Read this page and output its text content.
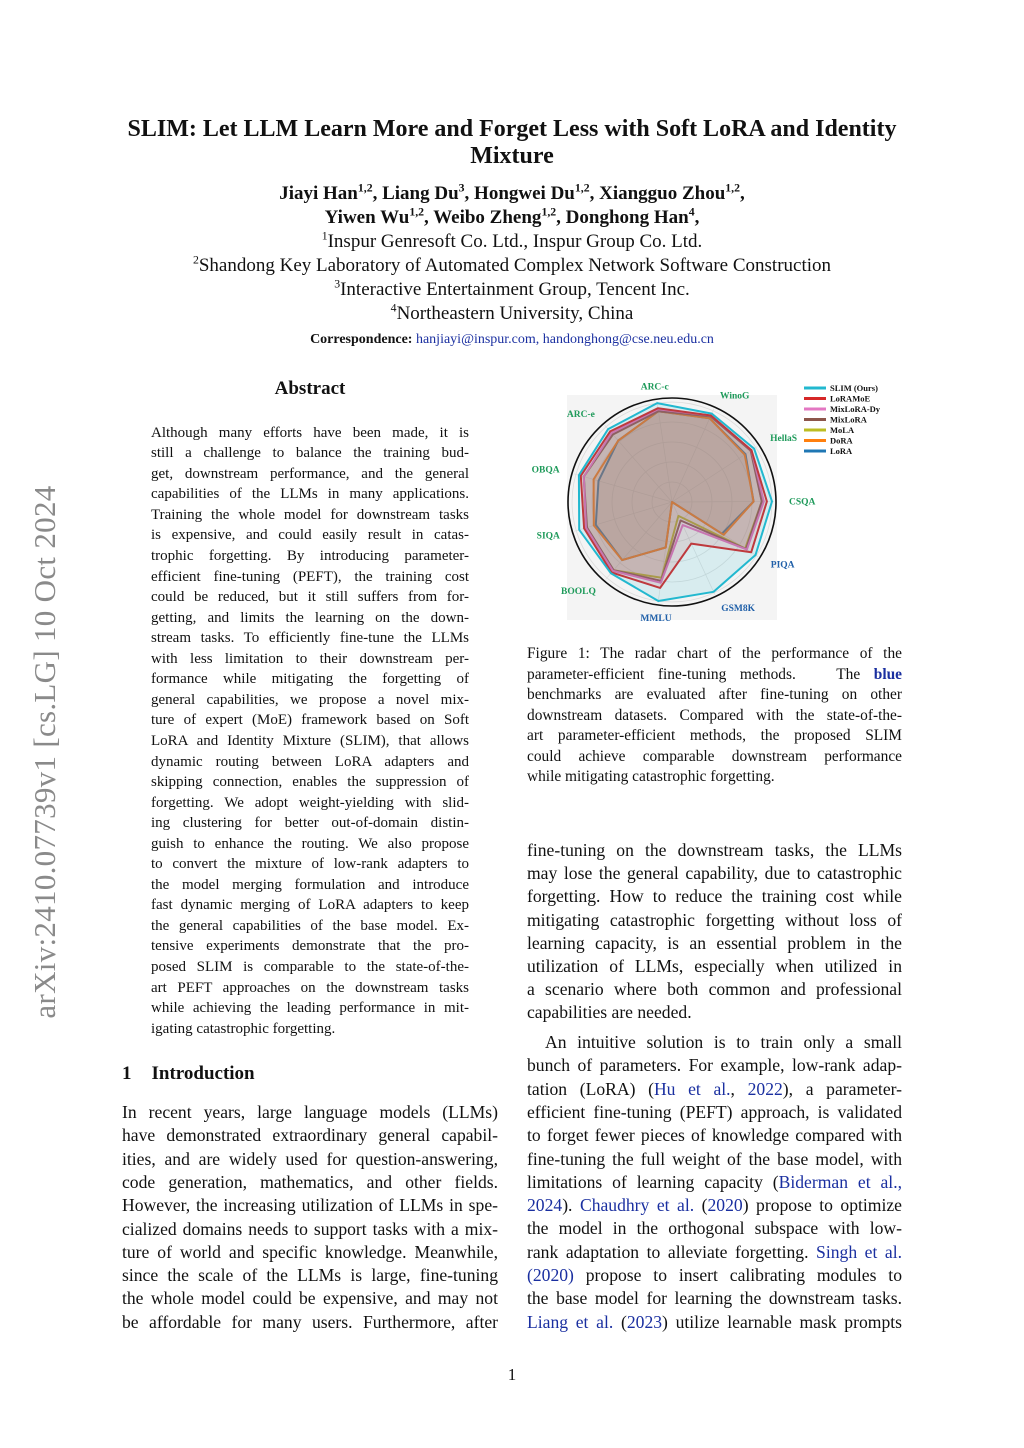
arXiv:2410.07739v1 [cs.LG] 10 Oct 2024
SLIM: Let LLM Learn More and Forget Less with Soft LoRA and Identity
Mixture
Jiayi Han$^{1,2}$, Liang Du$^3$, Hongwei Du$^{1,2}$, Xiangguo Zhou$^{1,2}$,
Yiwen Wu$^{1,2}$, Weibo Zheng$^{1,2}$, Donghong Han$^4$,
$^1$Inspur Genresoft Co. Ltd., Inspur Group Co. Ltd.
$^2$Shandong Key Laboratory of Automated Complex Network Software Construction
$^3$Interactive Entertainment Group, Tencent Inc.
$^4$Northeastern University, China
Correspondence: hanjiayi@inspur.com, handonghong@cse.neu.edu.cn
Abstract
Although many efforts have been made, it is
still a challenge to balance the training bud-
get, downstream performance, and the general
capabilities of the LLMs in many applications.
Training the whole model for downstream tasks
is expensive, and could easily result in catas-
trophic forgetting. By introducing parameter-
efficient fine-tuning (PEFT), the training cost
could be reduced, but it still suffers from for-
getting, and limits the learning on the down-
stream tasks. To efficiently fine-tune the LLMs
with less limitation to their downstream per-
formance while mitigating the forgetting of
general capabilities, we propose a novel mix-
ture of expert (MoE) framework based on Soft
LoRA and Identity Mixture (SLIM), that allows
dynamic routing between LoRA adapters and
skipping connection, enables the suppression of
forgetting. We adopt weight-yielding with slid-
ing clustering for better out-of-domain distin-
guish to enhance the routing. We also propose
to convert the mixture of low-rank adapters to
the model merging formulation and introduce
fast dynamic merging of LoRA adapters to keep
the general capabilities of the base model. Ex-
tensive experiments demonstrate that the pro-
posed SLIM is comparable to the state-of-the-
art PEFT approaches on the downstream tasks
while achieving the leading performance in mit-
igating catastrophic forgetting.
ARC-c
WinoG
HellaS
CSQA
PIQA
GSM8K
MMLU
BOOLQ
SIQA
OBQA
ARC-e
SLIM (Ours)
LoRAMoE
MixLoRA-Dy
MixLoRA
MoLA
DoRA
LoRA
Figure 1: The radar chart of the performance of the
parameter-efficient fine-tuning methods.   The blue
benchmarks are evaluated after fine-tuning on other
downstream datasets. Compared with the state-of-the-
art parameter-efficient methods, the proposed SLIM
could achieve comparable downstream performance
while mitigating catastrophic forgetting.
1 Introduction
In recent years, large language models (LLMs)
have demonstrated extraordinary general capabil-
ities, and are widely used for question-answering,
code generation, mathematics, and other fields.
However, the increasing utilization of LLMs in spe-
cialized domains needs to support tasks with a mix-
ture of world and specific knowledge. Meanwhile,
since the scale of the LLMs is large, fine-tuning
the whole model could be expensive, and may not
be affordable for many users. Furthermore, after
fine-tuning on the downstream tasks, the LLMs
may lose the general capability, due to catastrophic
forgetting. How to reduce the training cost while
mitigating catastrophic forgetting without loss of
learning capacity, is an essential problem in the
utilization of LLMs, especially when utilized in
a scenario where both common and professional
capabilities are needed.
An intuitive solution is to train only a small
bunch of parameters. For example, low-rank adap-
tation (LoRA) (Hu et al., 2022), a parameter-
efficient fine-tuning (PEFT) approach, is validated
to forget fewer pieces of knowledge compared with
fine-tuning the full weight of the base model, with
limitations of learning capacity (Biderman et al.,
2024). Chaudhry et al. (2020) propose to optimize
the model in the orthogonal subspace with low-
rank adaptation to alleviate forgetting. Singh et al.
(2020) propose to insert calibrating modules to
the base model for learning the downstream tasks.
Liang et al. (2023) utilize learnable mask prompts
1
